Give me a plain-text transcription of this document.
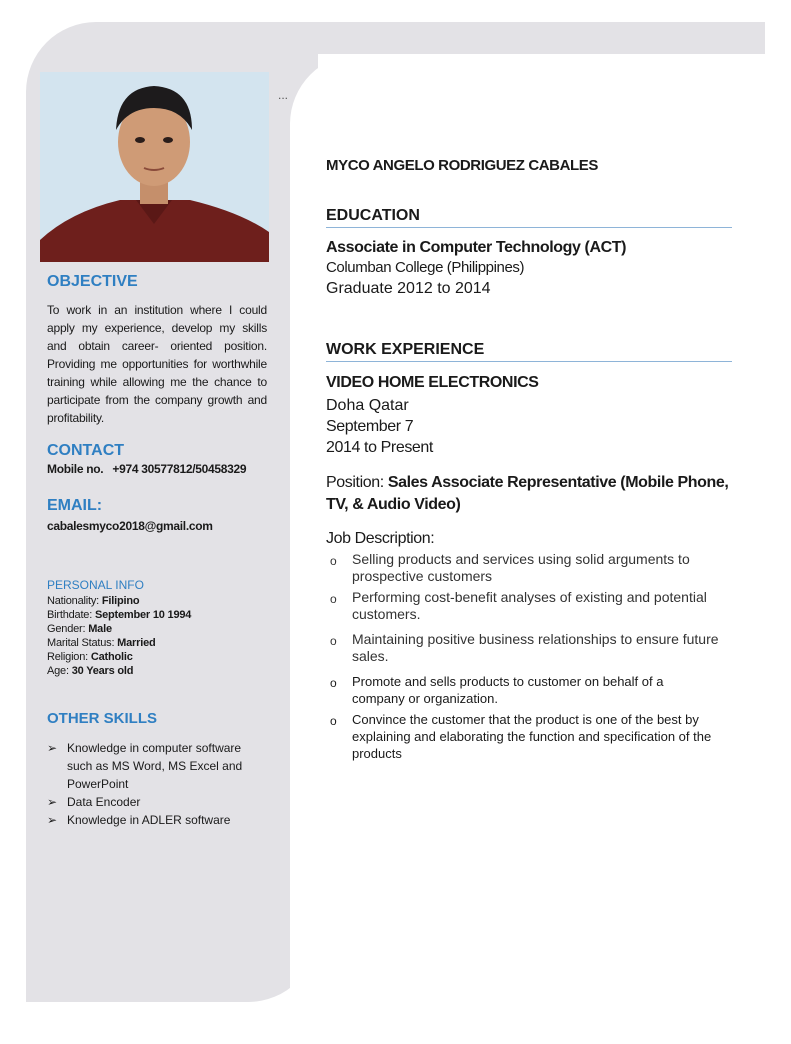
...
OBJECTIVE
To work in an institution where I could apply my experience, develop my skills and obtain career- oriented position. Providing me opportunities for worthwhile training while allowing me the chance to participate from the company growth and profitability.
CONTACT
Mobile no. +974 30577812/50458329
EMAIL:
cabalesmyco2018@gmail.com
PERSONAL INFO
Nationality: Filipino
Birthdate: September 10 1994
Gender: Male
Marital Status: Married
Religion: Catholic
Age: 30 Years old
OTHER SKILLS
➢ Knowledge in computer software such as MS Word, MS Excel and PowerPoint
➢ Data Encoder
➢ Knowledge in ADLER software
MYCO ANGELO RODRIGUEZ CABALES
EDUCATION
Associate in Computer Technology (ACT)
Columban College (Philippines)
Graduate 2012 to 2014
WORK EXPERIENCE
VIDEO HOME ELECTRONICS
Doha Qatar
September 7
2014 to Present
Position: Sales Associate Representative (Mobile Phone, TV, & Audio Video)
Job Description:
o Selling products and services using solid arguments to prospective customers
o Performing cost-benefit analyses of existing and potential customers.
o Maintaining positive business relationships to ensure future sales.
o Promote and sells products to customer on behalf of a company or organization.
o Convince the customer that the product is one of the best by explaining and elaborating the function and specification of the products
